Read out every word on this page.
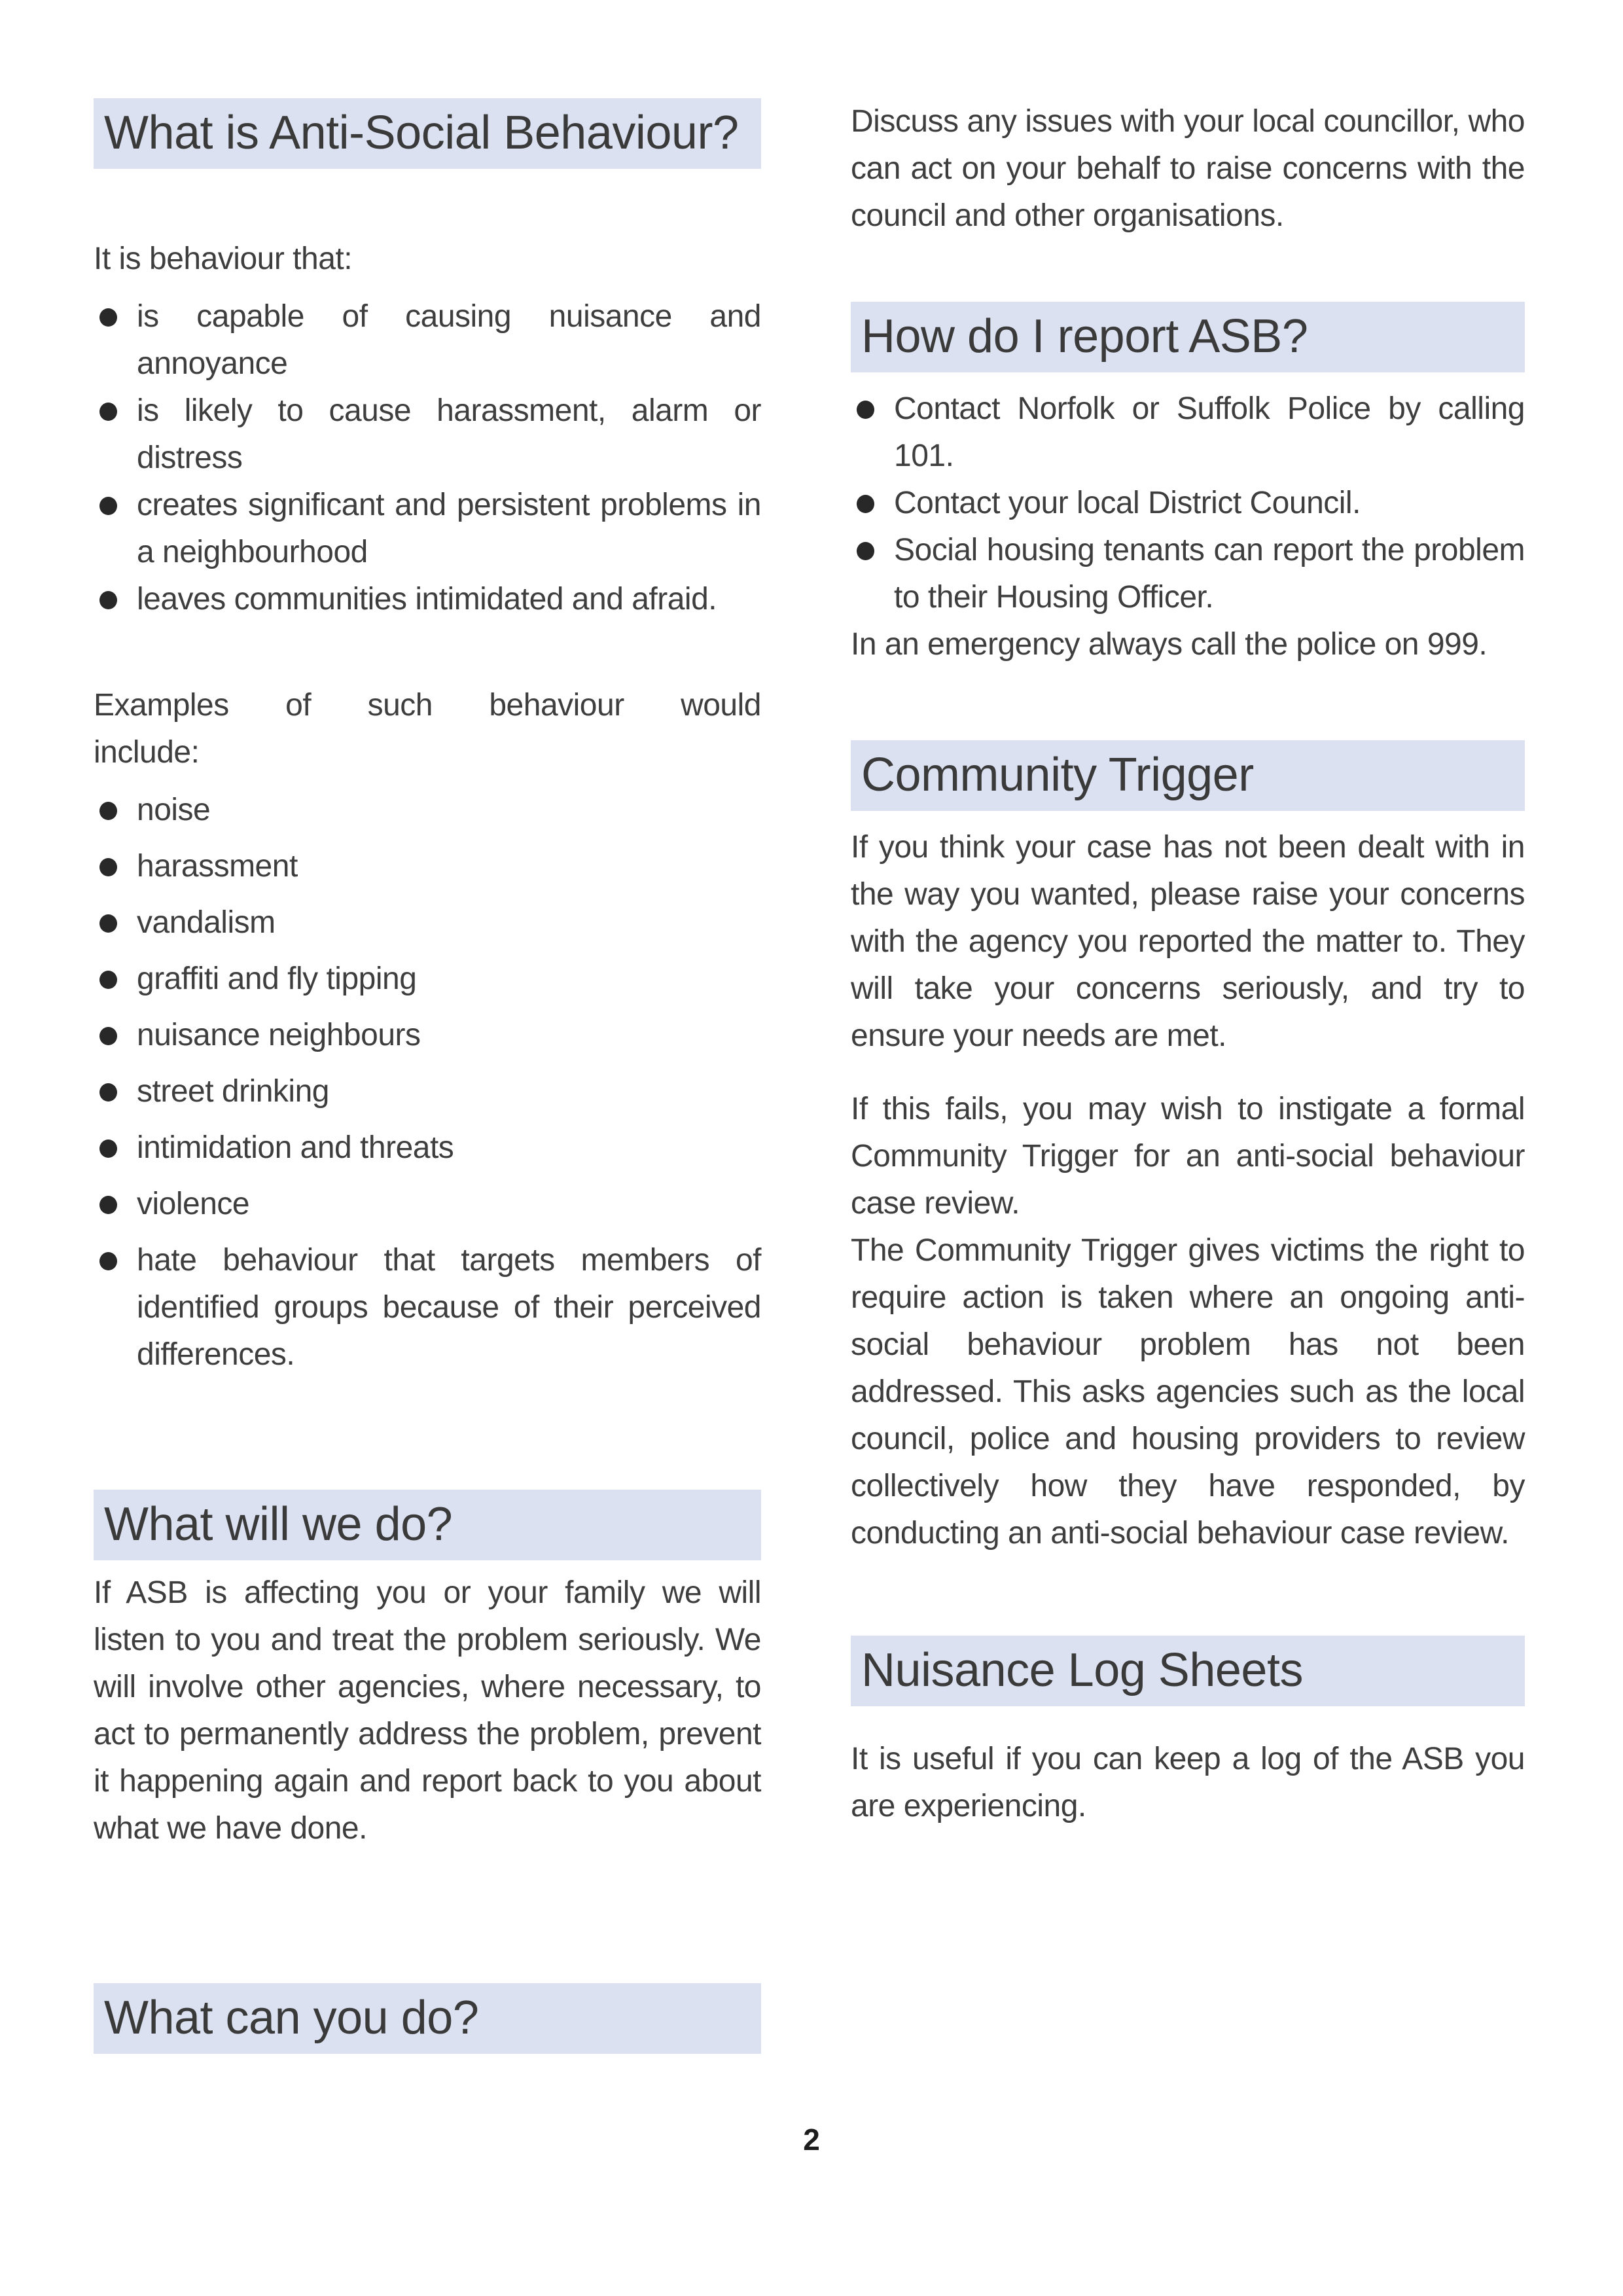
What is Anti-Social Behaviour?

It is behaviour that:

is capable of causing nuisance and annoyance
is likely to cause harassment, alarm or distress
creates significant and persistent problems in a neighbourhood
leaves communities intimidated and afraid.

Examples of such behaviour would include:

noise
harassment
vandalism
graffiti and fly tipping
nuisance neighbours
street drinking
intimidation and threats
violence
hate behaviour that targets members of identified groups because of their perceived differences.
What will we do?

If ASB is affecting you or your family we will listen to you and treat the problem seriously. We will involve other agencies, where necessary, to act to permanently address the problem, prevent it happening again and report back to you about what we have done.

What can you do?

Discuss any issues with your local councillor, who can act on your behalf to raise concerns with the council and other organisations.

How do I report ASB?
Contact Norfolk or Suffolk Police by calling 101.
Contact your local District Council.
Social housing tenants can report the problem to their Housing Officer.

In an emergency always call the police on 999.

Community Trigger

If you think your case has not been dealt with in the way you wanted, please raise your concerns with the agency you reported the matter to. They will take your concerns seriously, and try to ensure your needs are met.

If this fails, you may wish to instigate a formal Community Trigger for an anti-social behaviour case review.

The Community Trigger gives victims the right to require action is taken where an ongoing anti-social behaviour problem has not been addressed. This asks agencies such as the local council, police and housing providers to review collectively how they have responded, by conducting an anti-social behaviour case review.

Nuisance Log Sheets

It is useful if you can keep a log of the ASB you are experiencing.

2
